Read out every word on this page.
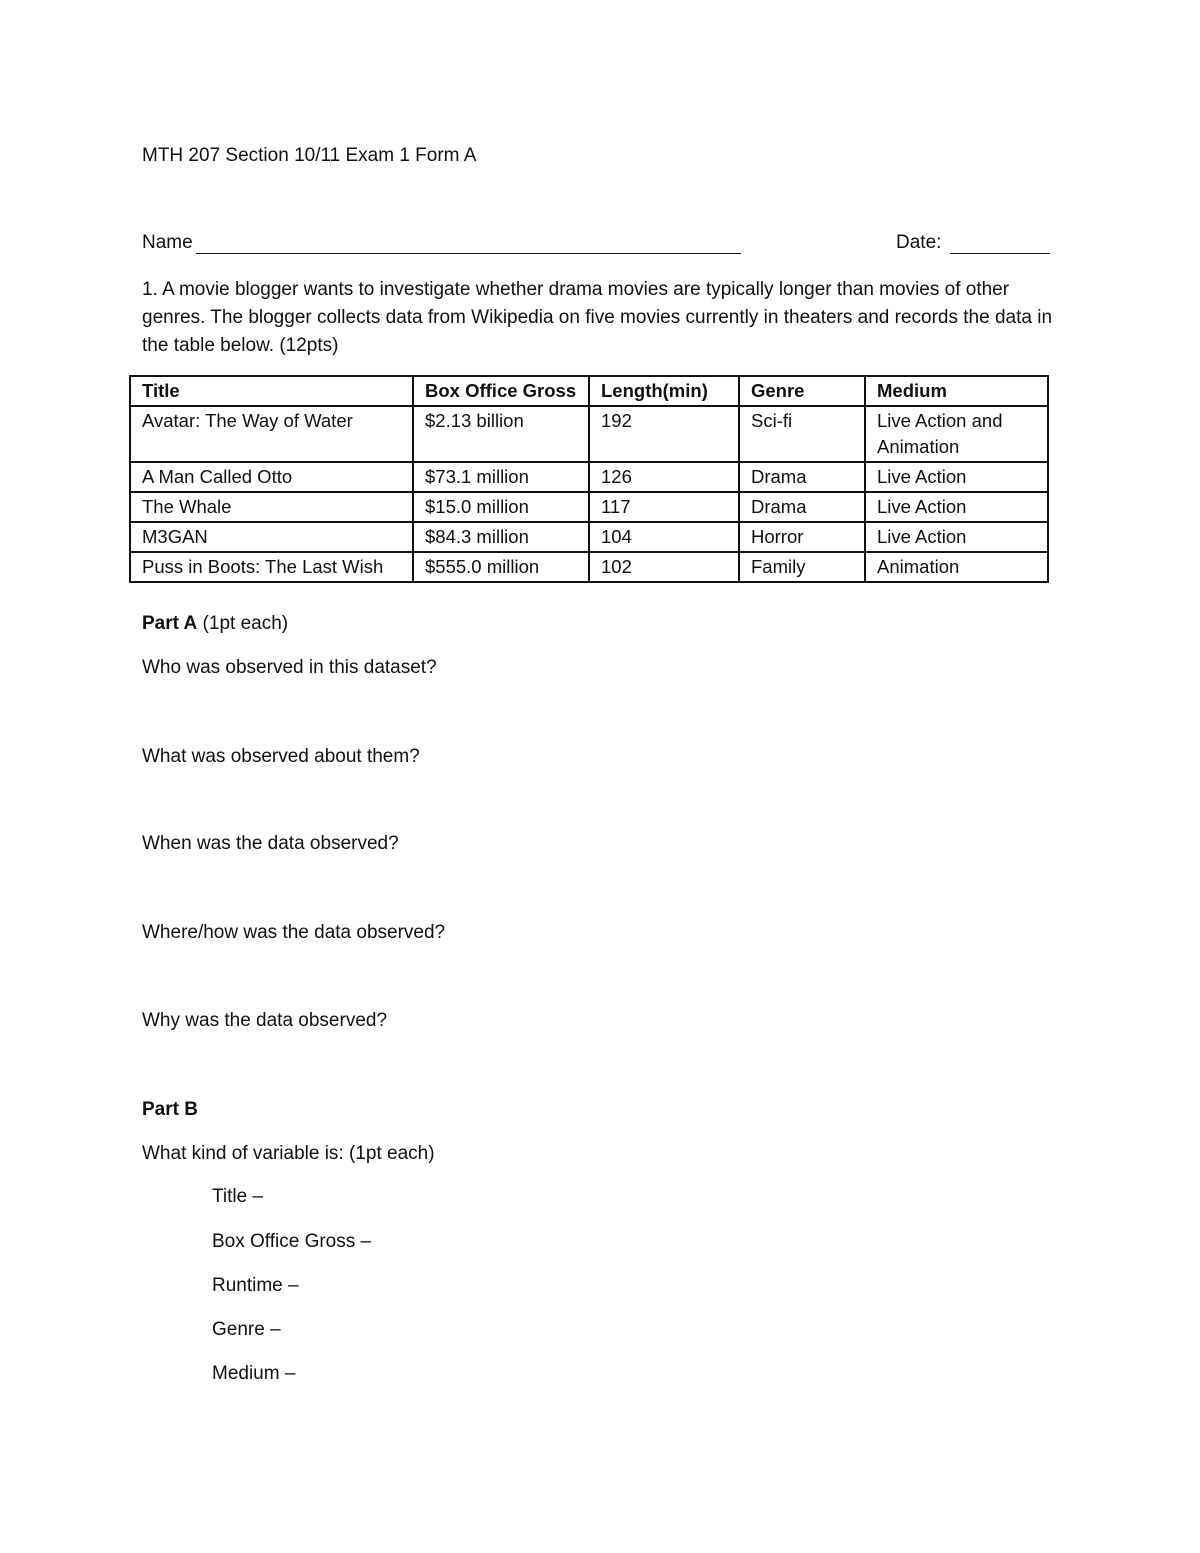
MTH 207 Section 10/11 Exam 1 Form A
Name	Date:
1. A movie blogger wants to investigate whether drama movies are typically longer than movies of other genres. The blogger collects data from Wikipedia on five movies currently in theaters and records the data in the table below. (12pts)
Title	Box Office Gross	Length(min)	Genre	Medium
Avatar: The Way of Water	$2.13 billion	192	Sci-fi	Live Action and Animation
A Man Called Otto	$73.1 million	126	Drama	Live Action
The Whale	$15.0 million	117	Drama	Live Action
M3GAN	$84.3 million	104	Horror	Live Action
Puss in Boots: The Last Wish	$555.0 million	102	Family	Animation
Part A (1pt each)
Who was observed in this dataset?
What was observed about them?
When was the data observed?
Where/how was the data observed?
Why was the data observed?
Part B
What kind of variable is: (1pt each)
Title –
Box Office Gross –
Runtime –
Genre –
Medium –
